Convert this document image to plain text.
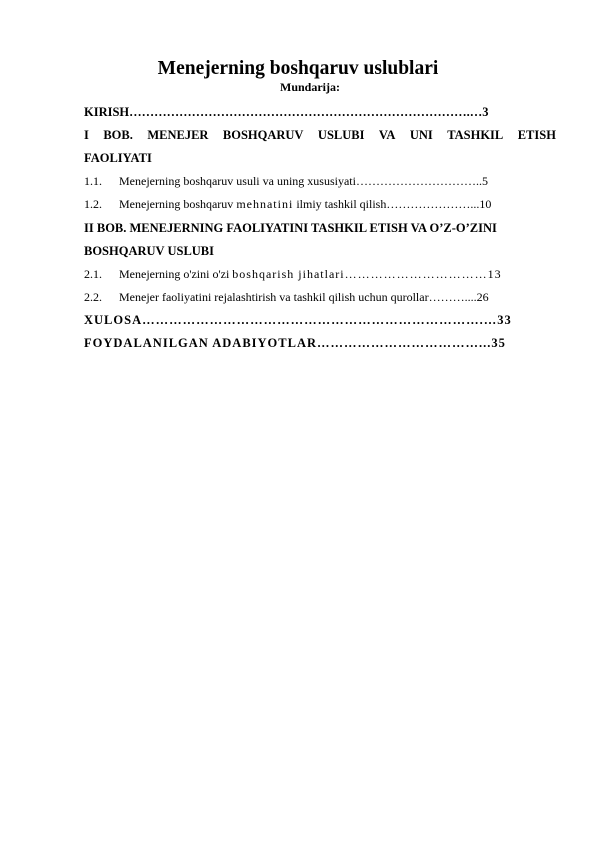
Menejerning boshqaruv uslublari
Mundarija:
KIRISH……………………………………………………………………….…3
I BOB. MENEJER BOSHQARUV USLUBI VA UNI TASHKIL ETISH
FAOLIYATI
1.1. Menejerning boshqaruv usuli va uning xususiyati…………………………..5
1.2. Menejerning boshqaruv mehnatini ilmiy tashkil qilish…………………...10
II BOB. MENEJERNING FAOLIYATINI TASHKIL ETISH VA O’Z-O’ZINI
BOSHQARUV USLUBI
2.1. Menejerning o'zini o'zi boshqarish jihatlari……………………………13
2.2. Menejer faoliyatini rejalashtirish va tashkil qilish uchun qurollar………....26
XULOSA………………………………………………………………….…33
FOYDALANILGAN ADABIYOTLAR………………………………...35
